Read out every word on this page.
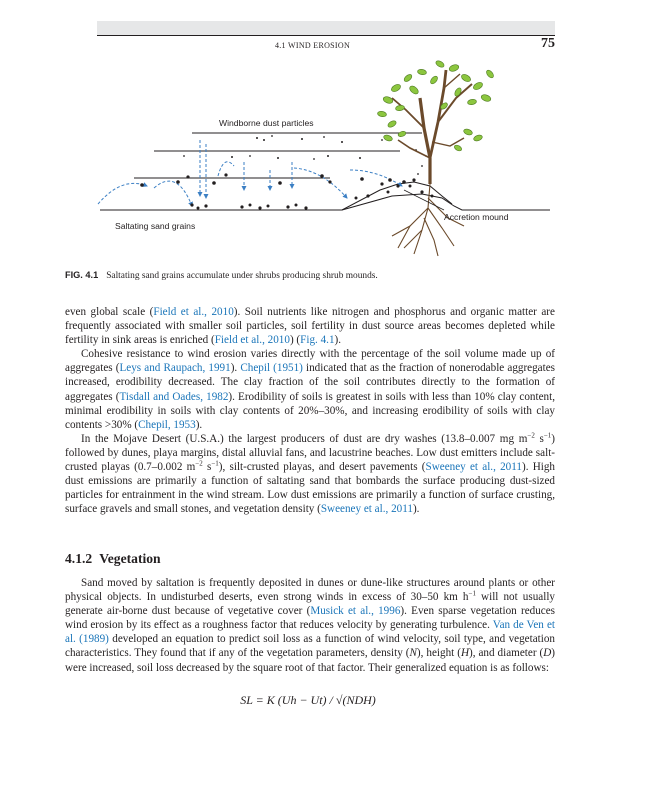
4.1 WIND EROSION	75
Windborne dust particles
Saltating sand grains
Accretion mound
FIG. 4.1 Saltating sand grains accumulate under shrubs producing shrub mounds.

even global scale (Field et al., 2010). Soil nutrients like nitrogen and phosphorus and organic matter are frequently associated with smaller soil particles, soil fertility in dust source areas becomes depleted while fertility in sink areas is enriched (Field et al., 2010) (Fig. 4.1).

Cohesive resistance to wind erosion varies directly with the percentage of the soil volume made up of aggregates (Leys and Raupach, 1991). Chepil (1951) indicated that as the fraction of nonerodable aggregates increased, erodibility decreased. The clay fraction of the soil contributes directly to the formation of aggregates (Tisdall and Oades, 1982). Erodibility of soils is greatest in soils with less than 10% clay content, minimal erodibility in soils with clay contents of 20%–30%, and increasing erodibility of soils with clay contents >30% (Chepil, 1953).

In the Mojave Desert (U.S.A.) the largest producers of dust are dry washes (13.8–0.007 mg $m^{-2}$ $s^{-1}$) followed by dunes, playa margins, distal alluvial fans, and lacustrine beaches. Low dust emitters include salt-crusted playas (0.7–0.002 $m^{-2}$ $s^{-1}$), silt-crusted playas, and desert pavements (Sweeney et al., 2011). High dust emissions are primarily a function of saltating sand that bombards the surface producing dust-sized particles for entrainment in the wind stream. Low dust emissions are primarily a function of surface crusting, surface gravels and small stones, and vegetation density (Sweeney et al., 2011).

4.1.2 Vegetation

Sand moved by saltation is frequently deposited in dunes or dune-like structures around plants or other physical objects. In undisturbed deserts, even strong winds in excess of 30–50 km $h^{-1}$ will not usually generate air-borne dust because of vegetative cover (Musick et al., 1996). Even sparse vegetation reduces wind erosion by its effect as a roughness factor that reduces velocity by generating turbulence. Van de Ven et al. (1989) developed an equation to predict soil loss as a function of wind velocity, soil type, and vegetation characteristics. They found that if any of the vegetation parameters, density (N), height (H), and diameter (D) were increased, soil loss decreased by the square root of that factor. Their generalized equation is as follows:

SL = K (Uh − Ut) / √(NDH)
